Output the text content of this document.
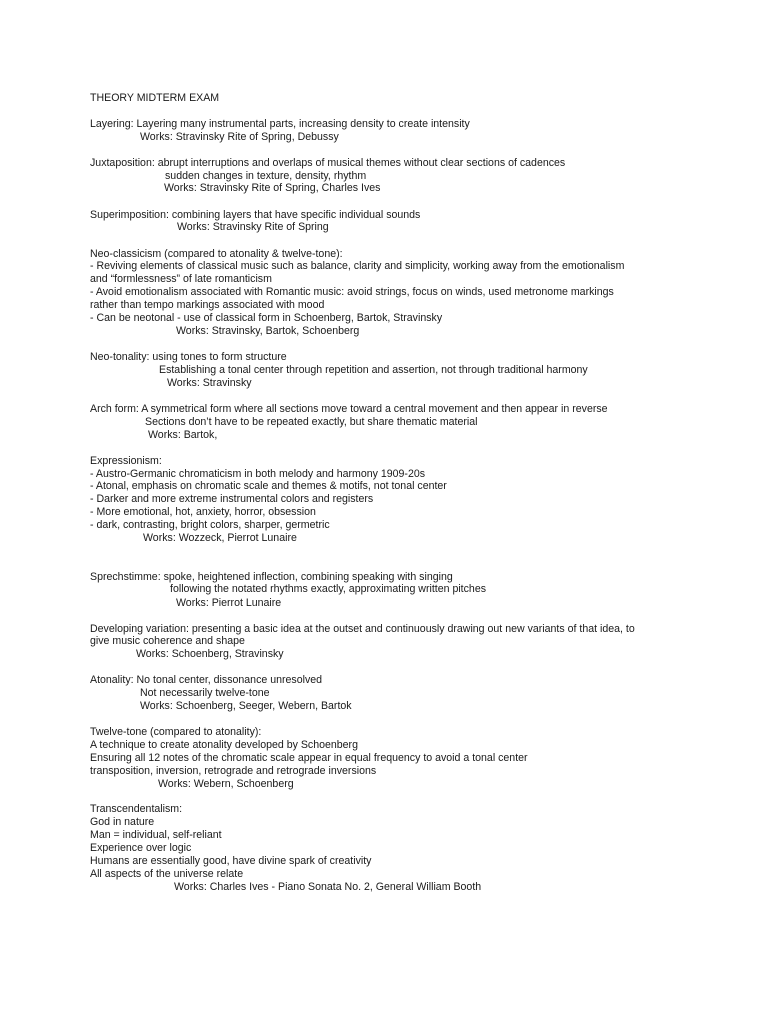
THEORY MIDTERM EXAM
Layering: Layering many instrumental parts, increasing density to create intensity
Works: Stravinsky Rite of Spring, Debussy
Juxtaposition: abrupt interruptions and overlaps of musical themes without clear sections of cadences
sudden changes in texture, density, rhythm
Works: Stravinsky Rite of Spring, Charles Ives
Superimposition: combining layers that have specific individual sounds
Works: Stravinsky Rite of Spring
Neo-classicism (compared to atonality & twelve-tone):
- Reviving elements of classical music such as balance, clarity and simplicity, working away from the emotionalism
and “formlessness” of late romanticism
- Avoid emotionalism associated with Romantic music: avoid strings, focus on winds, used metronome markings
rather than tempo markings associated with mood
- Can be neotonal - use of classical form in Schoenberg, Bartok, Stravinsky
Works: Stravinsky, Bartok, Schoenberg
Neo-tonality: using tones to form structure
Establishing a tonal center through repetition and assertion, not through traditional harmony
Works: Stravinsky
Arch form: A symmetrical form where all sections move toward a central movement and then appear in reverse
Sections don’t have to be repeated exactly, but share thematic material
Works: Bartok,
Expressionism:
- Austro-Germanic chromaticism in both melody and harmony 1909-20s
- Atonal, emphasis on chromatic scale and themes & motifs, not tonal center
- Darker and more extreme instrumental colors and registers
- More emotional, hot, anxiety, horror, obsession
- dark, contrasting, bright colors, sharper, germetric
Works: Wozzeck, Pierrot Lunaire
Sprechstimme: spoke, heightened inflection, combining speaking with singing
following the notated rhythms exactly, approximating written pitches
Works: Pierrot Lunaire
Developing variation: presenting a basic idea at the outset and continuously drawing out new variants of that idea, to
give music coherence and shape
Works: Schoenberg, Stravinsky
Atonality: No tonal center, dissonance unresolved
Not necessarily twelve-tone
Works: Schoenberg, Seeger, Webern, Bartok
Twelve-tone (compared to atonality):
A technique to create atonality developed by Schoenberg
Ensuring all 12 notes of the chromatic scale appear in equal frequency to avoid a tonal center
transposition, inversion, retrograde and retrograde inversions
Works: Webern, Schoenberg
Transcendentalism:
God in nature
Man = individual, self-reliant
Experience over logic
Humans are essentially good, have divine spark of creativity
All aspects of the universe relate
Works: Charles Ives - Piano Sonata No. 2, General William Booth
